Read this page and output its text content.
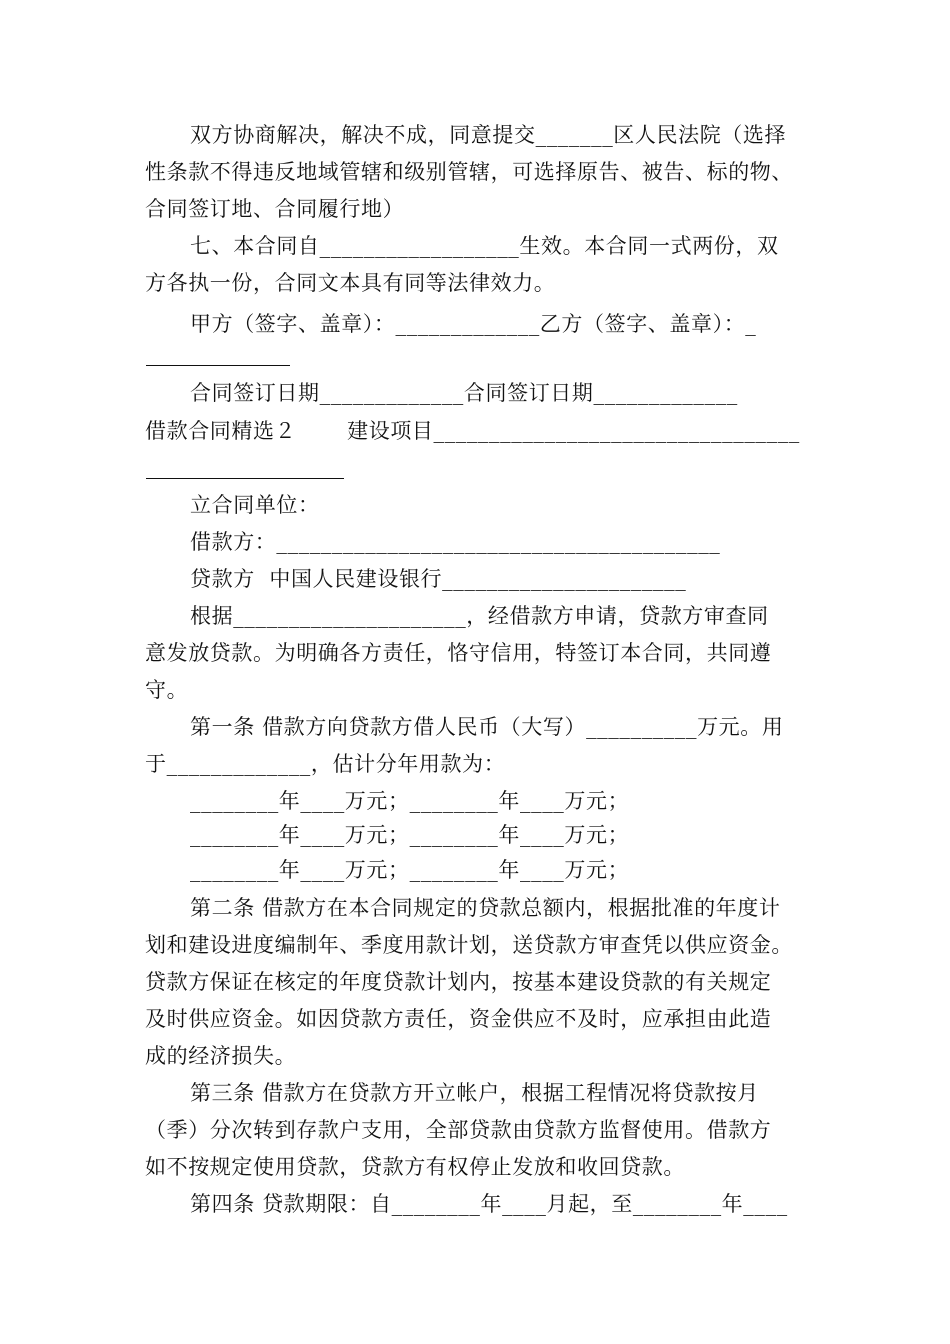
双方协商解决，解决不成，同意提交_______区人民法院（选择
性条款不得违反地域管辖和级别管辖，可选择原告、被告、标的物、
合同签订地、合同履行地）
七、本合同自__________________生效。本合同一式两份，双
方各执一份，合同文本具有同等法律效力。
甲方（签字、盖章）：_____________乙方（签字、盖章）：_
合同签订日期_____________合同签订日期_____________
借款合同精选２       建设项目_________________________________
立合同单位：
借款方：________________________________________
贷款方  中国人民建设银行______________________
根据_____________________，经借款方申请，贷款方审查同
意发放贷款。为明确各方责任，恪守信用，特签订本合同，共同遵
守。
第一条 借款方向贷款方借人民币（大写）__________万元。用
于_____________，估计分年用款为：
________年____万元；________年____万元；
________年____万元；________年____万元；
________年____万元；________年____万元；
第二条 借款方在本合同规定的贷款总额内，根据批准的年度计
划和建设进度编制年、季度用款计划，送贷款方审查凭以供应资金。
贷款方保证在核定的年度贷款计划内，按基本建设贷款的有关规定
及时供应资金。如因贷款方责任，资金供应不及时，应承担由此造
成的经济损失。
第三条 借款方在贷款方开立帐户，根据工程情况将贷款按月
（季）分次转到存款户支用，全部贷款由贷款方监督使用。借款方
如不按规定使用贷款，贷款方有权停止发放和收回贷款。
第四条 贷款期限：自________年____月起，至________年____
